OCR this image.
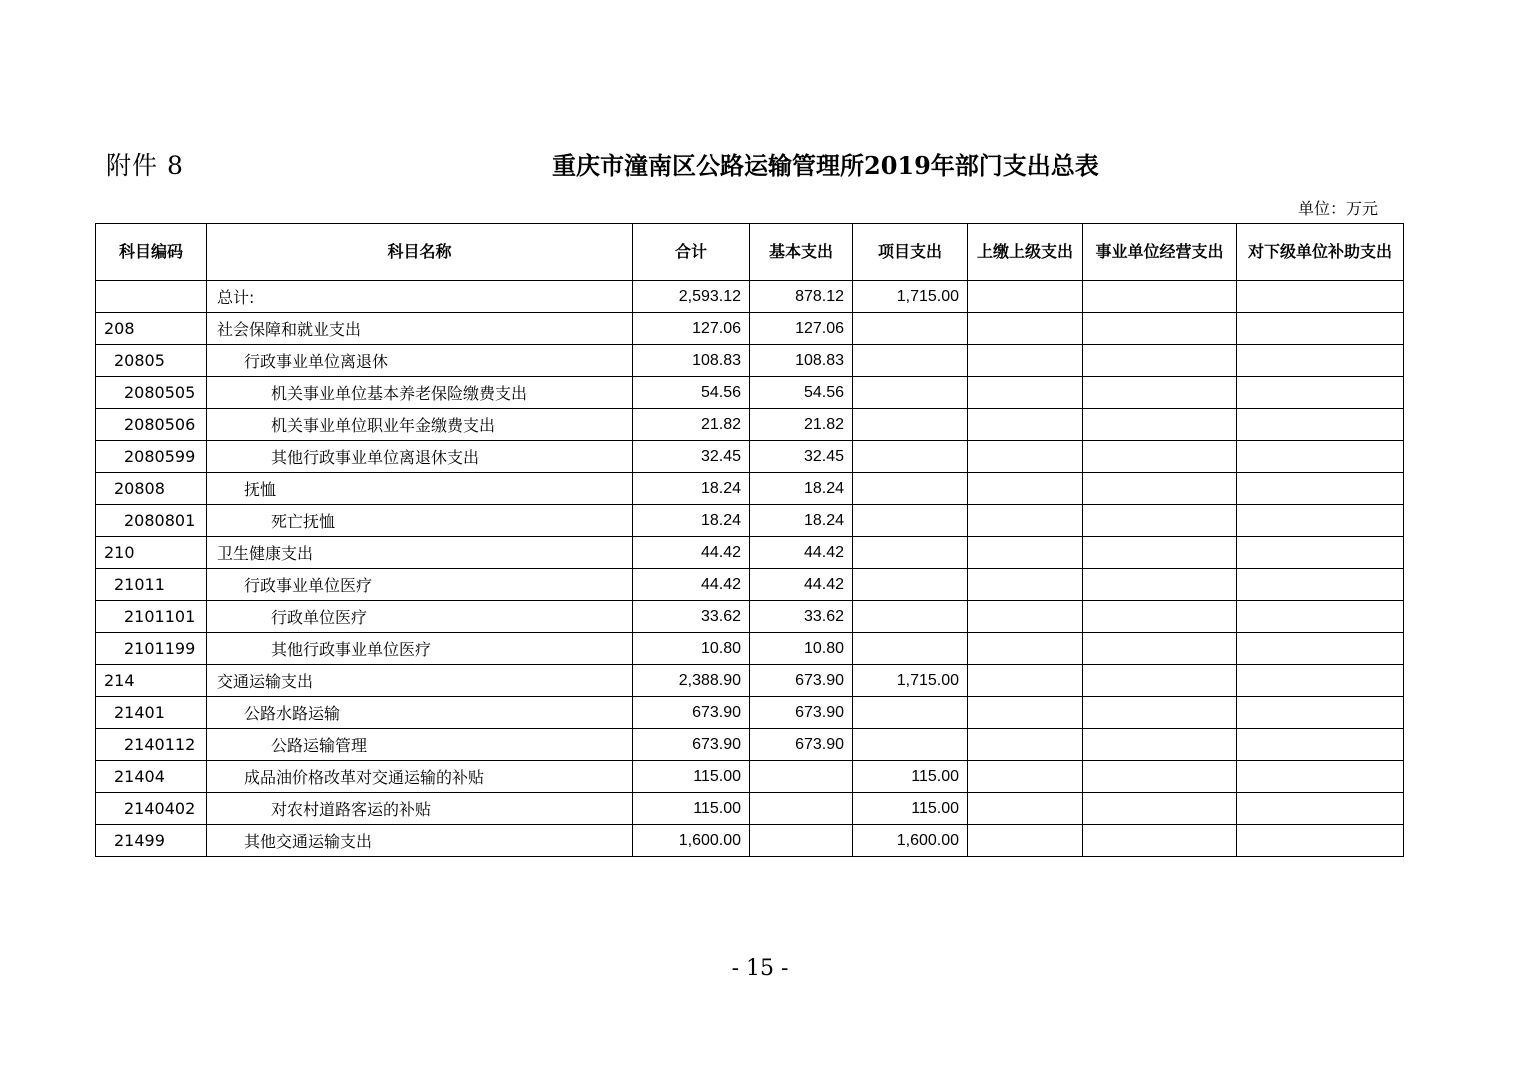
附件 8	重庆市潼南区公路运输管理所2019年部门支出总表
单位：万元
科目编码	科目名称	合计	基本支出	项目支出	上缴上级支出	事业单位经营支出	对下级单位补助支出
	总计:	2,593.12	878.12	1,715.00			
208	社会保障和就业支出	127.06	127.06				
20805	行政事业单位离退休	108.83	108.83				
2080505	机关事业单位基本养老保险缴费支出	54.56	54.56				
2080506	机关事业单位职业年金缴费支出	21.82	21.82				
2080599	其他行政事业单位离退休支出	32.45	32.45				
20808	抚恤	18.24	18.24				
2080801	死亡抚恤	18.24	18.24				
210	卫生健康支出	44.42	44.42				
21011	行政事业单位医疗	44.42	44.42				
2101101	行政单位医疗	33.62	33.62				
2101199	其他行政事业单位医疗	10.80	10.80				
214	交通运输支出	2,388.90	673.90	1,715.00			
21401	公路水路运输	673.90	673.90				
2140112	公路运输管理	673.90	673.90				
21404	成品油价格改革对交通运输的补贴	115.00		115.00			
2140402	对农村道路客运的补贴	115.00		115.00			
21499	其他交通运输支出	1,600.00		1,600.00			
- 15 -
